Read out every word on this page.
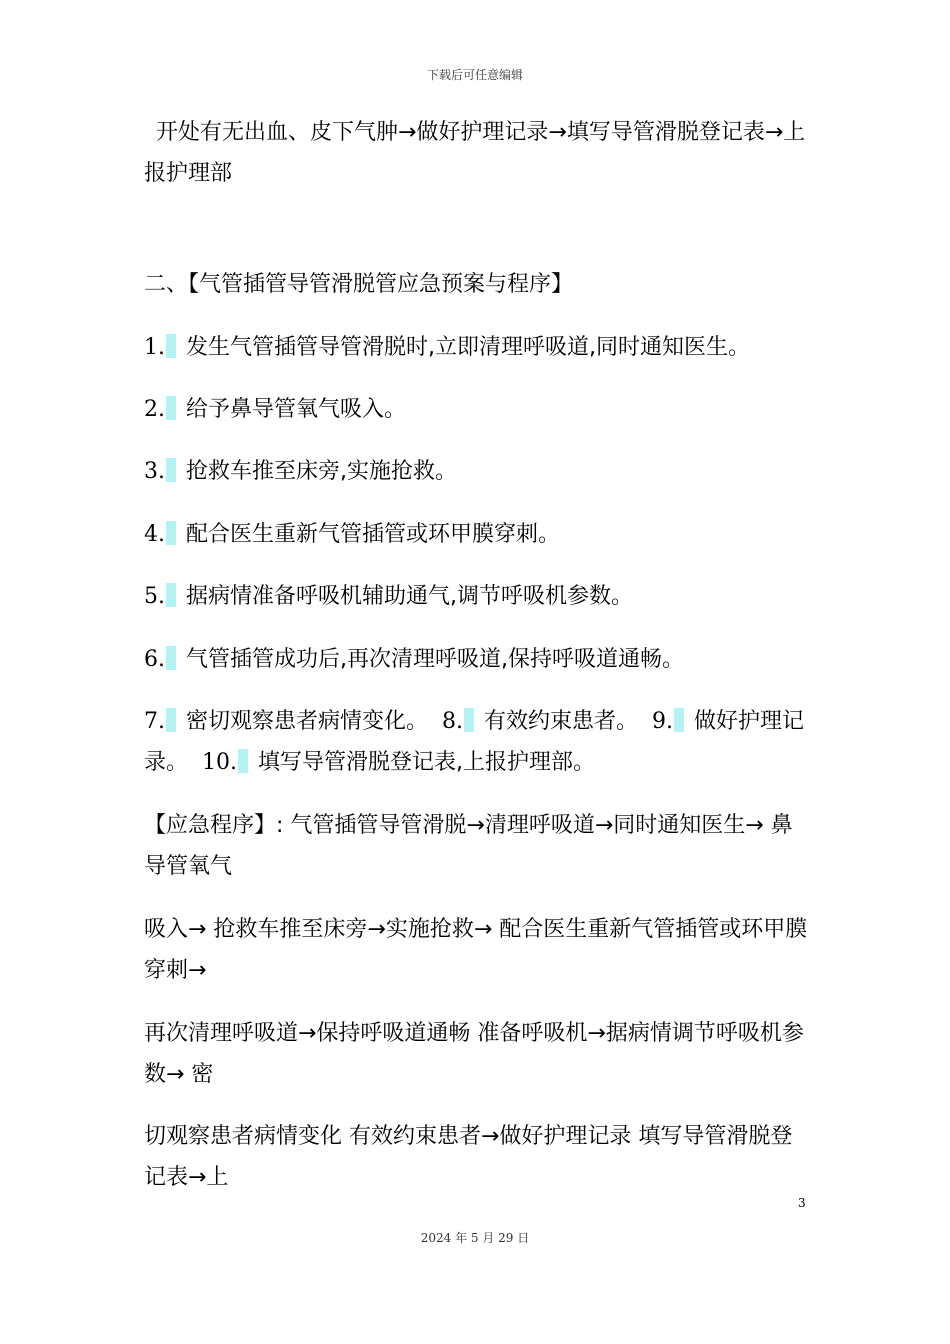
下载后可任意编辑
开处有无出血、皮下气肿→做好护理记录→填写导管滑脱登记表→上报护理部
二、【气管插管导管滑脱管应急预案与程序】
1. 发生气管插管导管滑脱时,立即清理呼吸道,同时通知医生。
2. 给予鼻导管氧气吸入。
3. 抢救车推至床旁,实施抢救。
4. 配合医生重新气管插管或环甲膜穿刺。
5. 据病情准备呼吸机辅助通气,调节呼吸机参数。
6. 气管插管成功后,再次清理呼吸道,保持呼吸道通畅。
7. 密切观察患者病情变化。 8. 有效约束患者。 9. 做好护理记录。 10. 填写导管滑脱登记表,上报护理部。
【应急程序】: 气管插管导管滑脱→清理呼吸道→同时通知医生→ 鼻导管氧气
吸入→ 抢救车推至床旁→实施抢救→ 配合医生重新气管插管或环甲膜穿刺→
再次清理呼吸道→保持呼吸道通畅 准备呼吸机→据病情调节呼吸机参数→ 密
切观察患者病情变化 有效约束患者→做好护理记录 填写导管滑脱登记表→上
3
2024 年 5 月 29 日
